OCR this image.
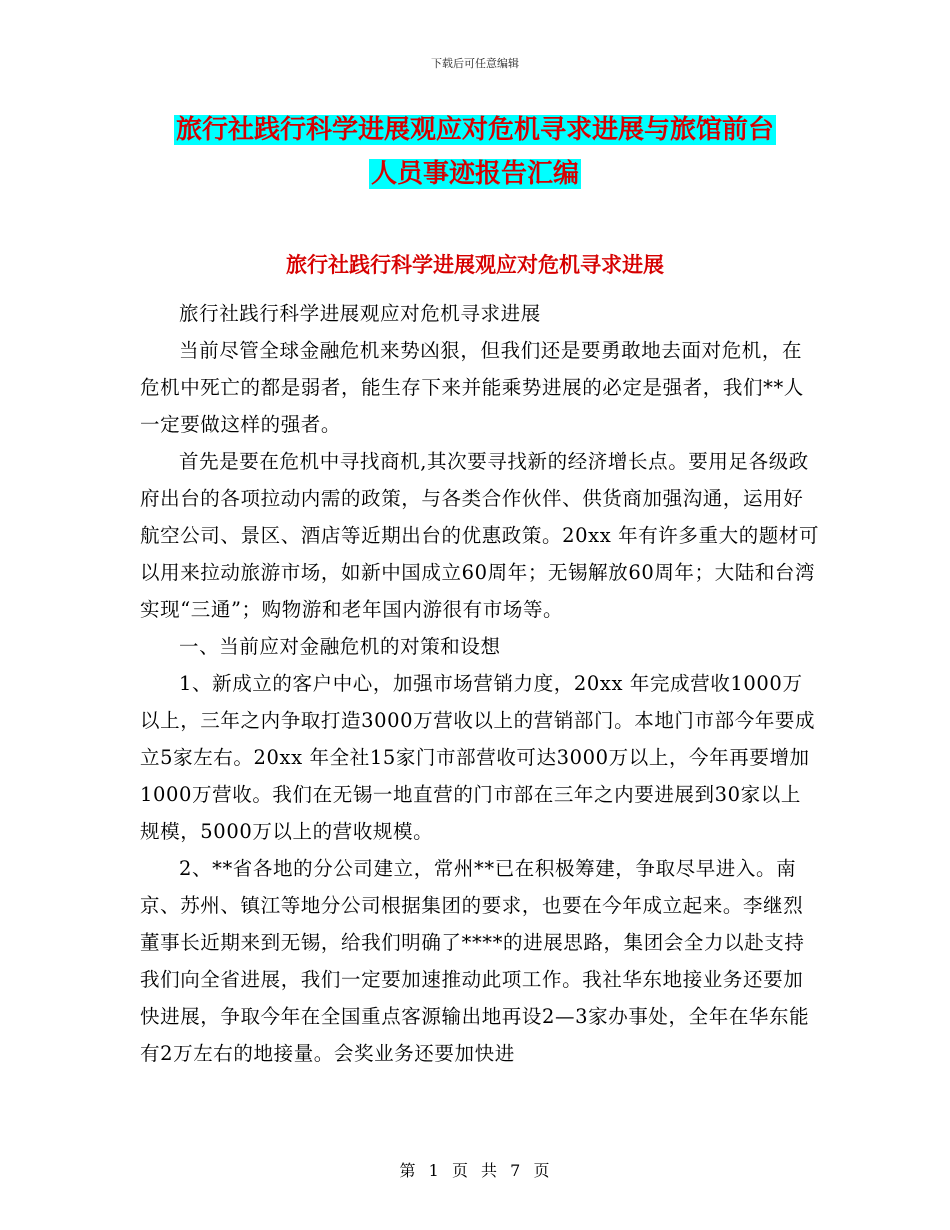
下载后可任意编辑
旅行社践行科学进展观应对危机寻求进展与旅馆前台
人员事迹报告汇编
旅行社践行科学进展观应对危机寻求进展

旅行社践行科学进展观应对危机寻求进展

当前尽管全球金融危机来势凶狠，但我们还是要勇敢地去面对危机，在危机中死亡的都是弱者，能生存下来并能乘势进展的必定是强者，我们**人一定要做这样的强者。

首先是要在危机中寻找商机,其次要寻找新的经济增长点。要用足各级政府出台的各项拉动内需的政策，与各类合作伙伴、供货商加强沟通，运用好航空公司、景区、酒店等近期出台的优惠政策。20xx 年有许多重大的题材可以用来拉动旅游市场，如新中国成立60周年；无锡解放60周年；大陆和台湾实现“三通”；购物游和老年国内游很有市场等。

一、当前应对金融危机的对策和设想

1、新成立的客户中心，加强市场营销力度，20xx 年完成营收1000万以上，三年之内争取打造3000万营收以上的营销部门。本地门市部今年要成立5家左右。20xx 年全社15家门市部营收可达3000万以上，今年再要增加1000万营收。我们在无锡一地直营的门市部在三年之内要进展到30家以上规模，5000万以上的营收规模。

2、**省各地的分公司建立，常州**已在积极筹建，争取尽早进入。南京、苏州、镇江等地分公司根据集团的要求，也要在今年成立起来。李继烈董事长近期来到无锡，给我们明确了****的进展思路，集团会全力以赴支持我们向全省进展，我们一定要加速推动此项工作。我社华东地接业务还要加快进展，争取今年在全国重点客源输出地再设2—3家办事处，全年在华东能有2万左右的地接量。会奖业务还要加快进

第 1 页 共 7 页
